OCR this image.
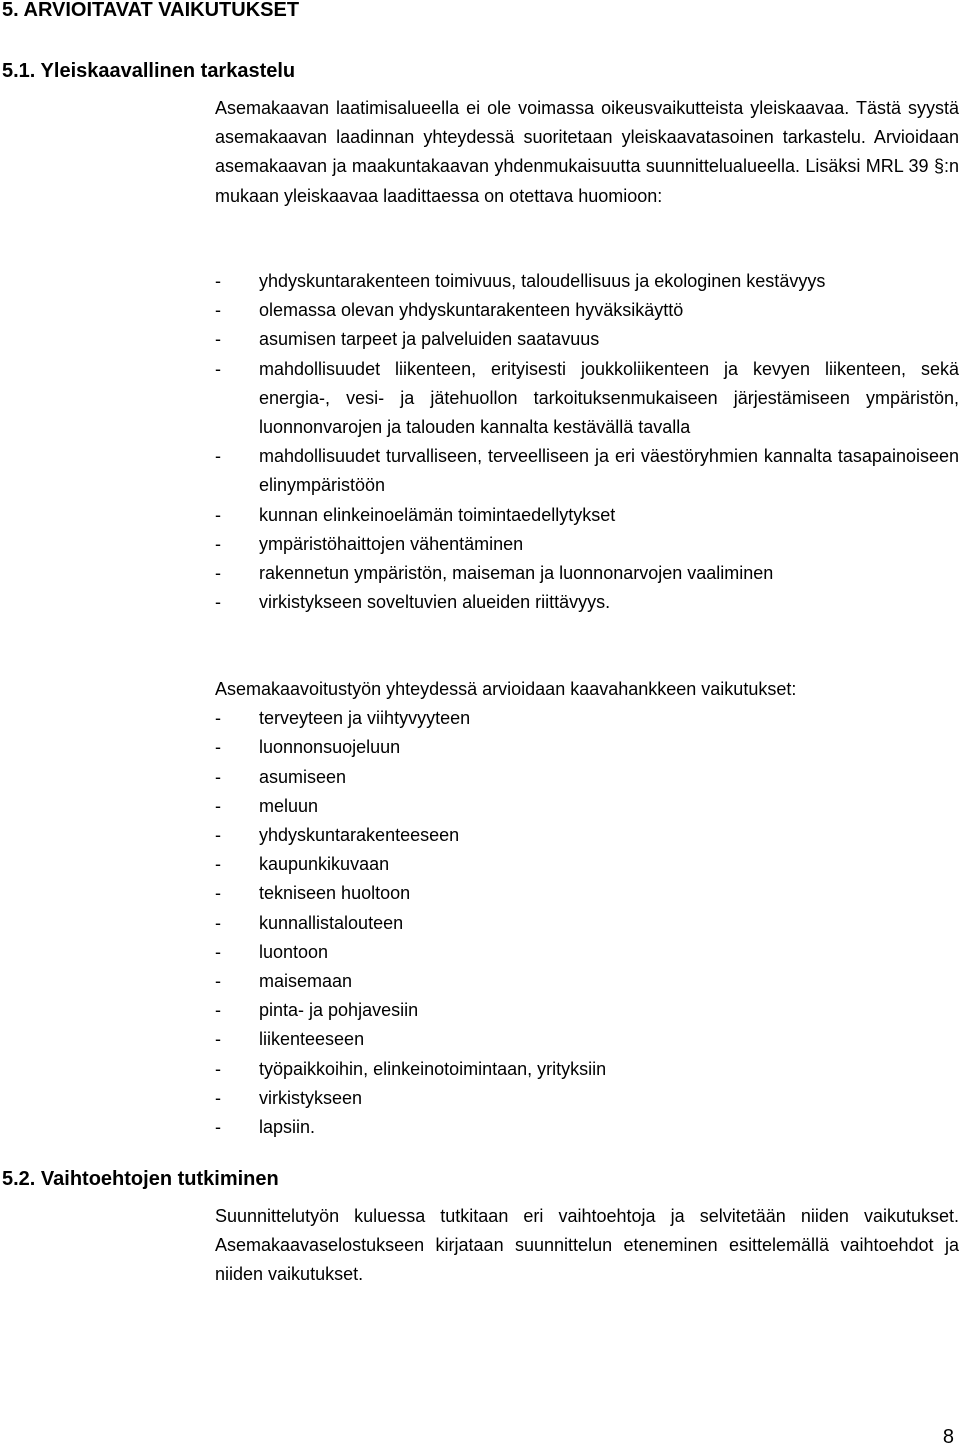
5. ARVIOITAVAT VAIKUTUKSET
5.1. Yleiskaavallinen tarkastelu

Asemakaavan laatimisalueella ei ole voimassa oikeusvaikutteista yleiskaavaa. Tästä syystä asemakaavan laadinnan yhteydessä suoritetaan yleiskaavatasoinen tarkastelu. Arvioidaan asemakaavan ja maakuntakaavan yhdenmukaisuutta suunnittelualueella. Lisäksi MRL 39 §:n mukaan yleiskaavaa laadittaessa on otettava huomioon:

- yhdyskuntarakenteen toimivuus, taloudellisuus ja ekologinen kestävyys
- olemassa olevan yhdyskuntarakenteen hyväksikäyttö
- asumisen tarpeet ja palveluiden saatavuus
- mahdollisuudet liikenteen, erityisesti joukkoliikenteen ja kevyen liikenteen, sekä energia-, vesi- ja jätehuollon tarkoituksenmukaiseen järjestämiseen ympäristön, luonnonvarojen ja talouden kannalta kestävällä tavalla
- mahdollisuudet turvalliseen, terveelliseen ja eri väestöryhmien kannalta tasapainoiseen elinympäristöön
- kunnan elinkeinoelämän toimintaedellytykset
- ympäristöhaittojen vähentäminen
- rakennetun ympäristön, maiseman ja luonnonarvojen vaaliminen
- virkistykseen soveltuvien alueiden riittävyys.

Asemakaavoitustyön yhteydessä arvioidaan kaavahankkeen vaikutukset:

- terveyteen ja viihtyvyyteen
- luonnonsuojeluun
- asumiseen
- meluun
- yhdyskuntarakenteeseen
- kaupunkikuvaan
- tekniseen huoltoon
- kunnallistalouteen
- luontoon
- maisemaan
- pinta- ja pohjavesiin
- liikenteeseen
- työpaikkoihin, elinkeinotoimintaan, yrityksiin
- virkistykseen
- lapsiin.
5.2. Vaihtoehtojen tutkiminen

Suunnittelutyön kuluessa tutkitaan eri vaihtoehtoja ja selvitetään niiden vaikutukset. Asemakaavaselostukseen kirjataan suunnittelun eteneminen esittelemällä vaihtoehdot ja niiden vaikutukset.

8
